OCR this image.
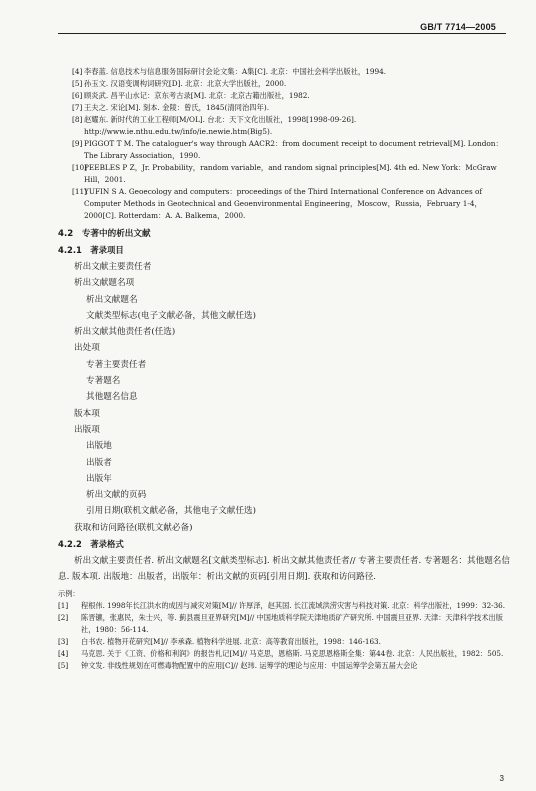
GB/T 7714—2005
[4] 李春蓝. 信息技术与信息服务国际研讨会论文集：A集[C]. 北京：中国社会科学出版社，1994.
[5] 孙玉文. 汉语变调构词研究[D]. 北京：北京大学出版社，2000.
[6] 顾炎武. 昌平山水记：京东考古录[M]. 北京：北京古籍出版社，1982.
[7] 王夫之. 宋论[M]. 刻本. 金陵：曾氏，1845(清同治四年).
[8] 赵耀东. 新时代的工业工程师[M/OL]. 台北：天下文化出版社，1998[1998-09-26]. http://www.ie.nthu.edu.tw/info/ie.newie.htm(Big5).
[9] PIGGOT T M. The cataloguer's way through AACR2：from document receipt to document retrieval[M]. London：The Library Association，1990.
[10]
PEEBLES P Z，Jr. Probability，random variable，and random signal principles[M]. 4th ed. New York：McGraw Hill，2001.
[11]
YUFIN S A. Geoecology and computers：proceedings of the Third International Conference on Advances of Computer Methods in Geotechnical and Geoenvironmental Engineering，Moscow，Russia，February 1-4，2000[C]. Rotterdam：A. A. Balkema，2000.
4.2　专著中的析出文献
4.2.1　著录项目
析出文献主要责任者
析出文献题名项
析出文献题名
文献类型标志(电子文献必备，其他文献任选)
析出文献其他责任者(任选)
出处项
专著主要责任者
专著题名
其他题名信息
版本项
出版项
出版地
出版者
出版年
析出文献的页码
引用日期(联机文献必备，其他电子文献任选)
获取和访问路径(联机文献必备)
4.2.2　著录格式

析出文献主要责任者. 析出文献题名[文献类型标志]. 析出文献其他责任者// 专著主要责任者. 专著题名：其他题名信息. 版本项. 出版地：出版者，出版年：析出文献的页码[引用日期]. 获取和访问路径.

示例：
[1] 程根伟. 1998年长江洪水的成因与减灾对策[M]// 许厚泽，赵其国. 长江流域洪涝灾害与科技对策. 北京：科学出版社，1999：32-36.
[2] 陈晋镳，张惠民，朱士兴，等. 蓟县震旦亚界研究[M]// 中国地质科学院天津地质矿产研究所. 中国震旦亚界. 天津：天津科学技术出版社，1980：56-114.
[3] 白书农. 植物开花研究[M]// 李承森. 植物科学进展. 北京：高等教育出版社，1998：146-163.
[4] 马克思. 关于《工资、价格和利润》的报告札记[M]// 马克思，恩格斯. 马克思恩格斯全集：第44卷. 北京：人民出版社，1982：505.
[5] 钟文发. 非线性规划在可燃毒物配置中的应用[C]// 赵玮. 运筹学的理论与应用：中国运筹学会第五届大会论
3
